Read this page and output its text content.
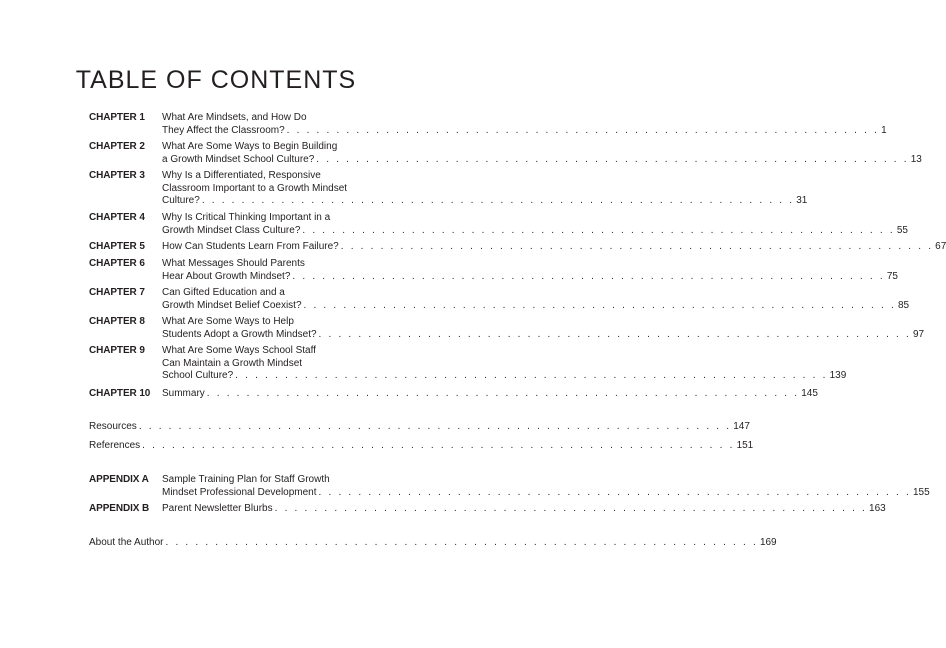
TABLE OF CONTENTS
CHAPTER 1 What Are Mindsets, and How Do
They Affect the Classroom? . . . . . . . . . . . . . . . . . . . . . . . . . . . . . . . . . . . . . . . . . . . . . . . . . . . . . . . . . . . . 1
CHAPTER 2 What Are Some Ways to Begin Building
a Growth Mindset School Culture? . . . . . . . . . . . . . . . . . . . . . . . . . . . . . . . . . . . . . . . . . . . . . . . . . . . . . . . . . . . . 13
CHAPTER 3 Why Is a Differentiated, Responsive
Classroom Important to a Growth Mindset
Culture? . . . . . . . . . . . . . . . . . . . . . . . . . . . . . . . . . . . . . . . . . . . . . . . . . . . . . . . . . . . . 31
CHAPTER 4 Why Is Critical Thinking Important in a
Growth Mindset Class Culture? . . . . . . . . . . . . . . . . . . . . . . . . . . . . . . . . . . . . . . . . . . . . . . . . . . . . . . . . . . . . 55
CHAPTER 5 How Can Students Learn From Failure? . . . . . . . . . . . . . . . . . . . . . . . . . . . . . . . . . . . . . . . . . . . . . . . . . . . . . . . . . . . . 67
CHAPTER 6 What Messages Should Parents
Hear About Growth Mindset? . . . . . . . . . . . . . . . . . . . . . . . . . . . . . . . . . . . . . . . . . . . . . . . . . . . . . . . . . . . . 75
CHAPTER 7 Can Gifted Education and a
Growth Mindset Belief Coexist? . . . . . . . . . . . . . . . . . . . . . . . . . . . . . . . . . . . . . . . . . . . . . . . . . . . . . . . . . . . . 85
CHAPTER 8 What Are Some Ways to Help
Students Adopt a Growth Mindset? . . . . . . . . . . . . . . . . . . . . . . . . . . . . . . . . . . . . . . . . . . . . . . . . . . . . . . . . . . . . 97
CHAPTER 9 What Are Some Ways School Staff
Can Maintain a Growth Mindset
School Culture? . . . . . . . . . . . . . . . . . . . . . . . . . . . . . . . . . . . . . . . . . . . . . . . . . . . . . . . . . . . . 139
CHAPTER 10 Summary . . . . . . . . . . . . . . . . . . . . . . . . . . . . . . . . . . . . . . . . . . . . . . . . . . . . . . . . . . . . 145
Resources . . . . . . . . . . . . . . . . . . . . . . . . . . . . . . . . . . . . . . . . . . . . . . . . . . . . . . . . . . . . 147
References . . . . . . . . . . . . . . . . . . . . . . . . . . . . . . . . . . . . . . . . . . . . . . . . . . . . . . . . . . . . 151
APPENDIX A Sample Training Plan for Staff Growth
Mindset Professional Development . . . . . . . . . . . . . . . . . . . . . . . . . . . . . . . . . . . . . . . . . . . . . . . . . . . . . . . . . . . . 155
APPENDIX B Parent Newsletter Blurbs . . . . . . . . . . . . . . . . . . . . . . . . . . . . . . . . . . . . . . . . . . . . . . . . . . . . . . . . . . . . 163
About the Author . . . . . . . . . . . . . . . . . . . . . . . . . . . . . . . . . . . . . . . . . . . . . . . . . . . . . . . . . . . . 169
